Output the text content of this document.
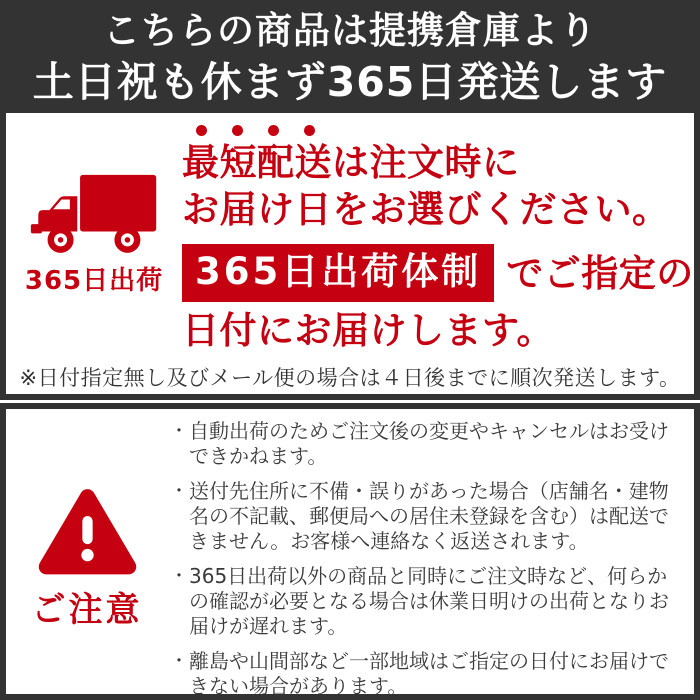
こちらの商品は提携倉庫より
土日祝も休まず365日発送します
365日出荷
最短配送は注文時に
お届け日をお選びください。
365日出荷体制 でご指定の
日付にお届けします。

※日付指定無し及びメール便の場合は４日後までに順次発送します。

ご注意
・ 自動出荷のためご注文後の変更やキャンセルはお受けできかねます。
・ 送付先住所に不備・誤りがあった場合（店舗名・建物名の不記載、郵便局への居住未登録を含む）は配送できません。お客様へ連絡なく返送されます。
・ 365日出荷以外の商品と同時にご注文時など、何らかの確認が必要となる場合は休業日明けの出荷となりお届けが遅れます。
・ 離島や山間部など一部地域はご指定の日付にお届けできない場合があります。
